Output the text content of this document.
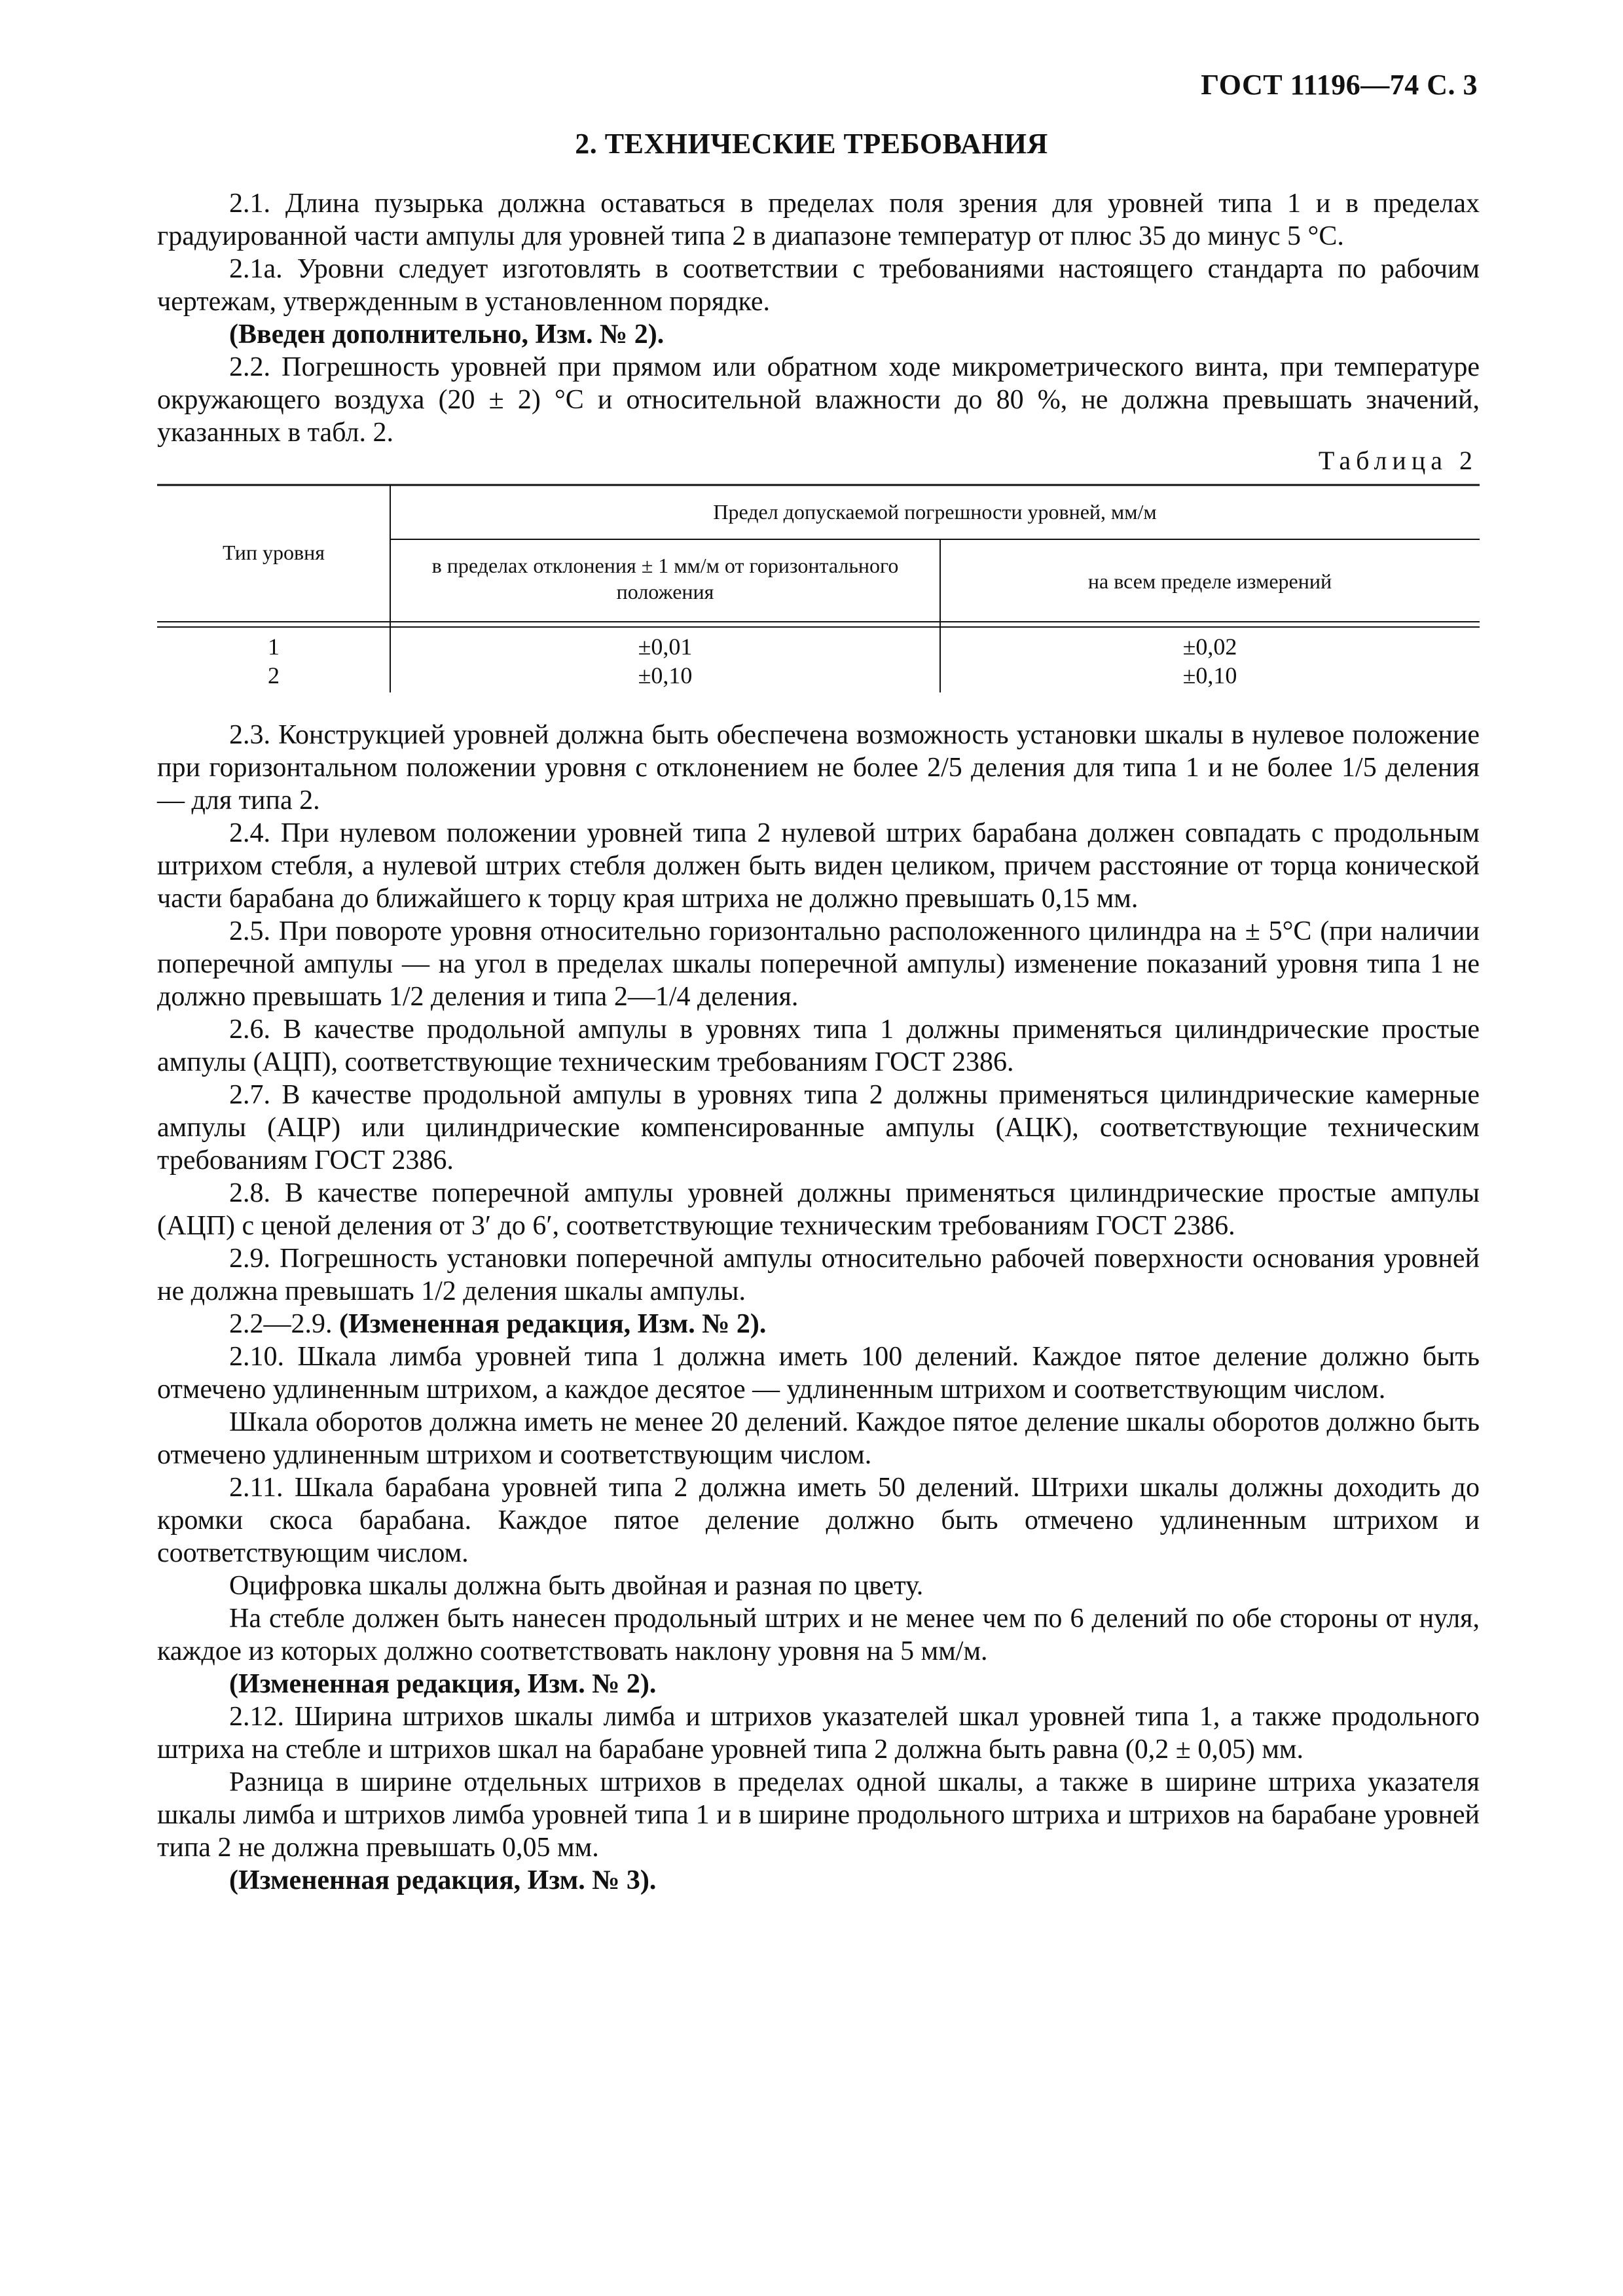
ГОСТ 11196—74 С. 3
2. ТЕХНИЧЕСКИЕ ТРЕБОВАНИЯ

2.1. Длина пузырька должна оставаться в пределах поля зрения для уровней типа 1 и в пределах градуированной части ампулы для уровней типа 2 в диапазоне температур от плюс 35 до минус 5 °С.

2.1а. Уровни следует изготовлять в соответствии с требованиями настоящего стандарта по рабочим чертежам, утвержденным в установленном порядке.

(Введен дополнительно, Изм. № 2).

2.2. Погрешность уровней при прямом или обратном ходе микрометрического винта, при температуре окружающего воздуха (20 ± 2) °С и относительной влажности до 80 %, не должна превышать значений, указанных в табл. 2.

Таблица 2
Тип уровня
Предел допускаемой погрешности уровней, мм/м
в пределах отклонения ± 1 мм/м от горизонтального положения	на всем пределе измерений
1	±0,01	±0,02
2	±0,10	±0,10

2.3. Конструкцией уровней должна быть обеспечена возможность установки шкалы в нулевое положение при горизонтальном положении уровня с отклонением не более 2/5 деления для типа 1 и не более 1/5 деления — для типа 2.

2.4. При нулевом положении уровней типа 2 нулевой штрих барабана должен совпадать с продольным штрихом стебля, а нулевой штрих стебля должен быть виден целиком, причем расстояние от торца конической части барабана до ближайшего к торцу края штриха не должно превышать 0,15 мм.

2.5. При повороте уровня относительно горизонтально расположенного цилиндра на ± 5°С (при наличии поперечной ампулы — на угол в пределах шкалы поперечной ампулы) изменение показаний уровня типа 1 не должно превышать 1/2 деления и типа 2—1/4 деления.

2.6. В качестве продольной ампулы в уровнях типа 1 должны применяться цилиндрические простые ампулы (АЦП), соответствующие техническим требованиям ГОСТ 2386.

2.7. В качестве продольной ампулы в уровнях типа 2 должны применяться цилиндрические камерные ампулы (АЦР) или цилиндрические компенсированные ампулы (АЦК), соответствующие техническим требованиям ГОСТ 2386.

2.8. В качестве поперечной ампулы уровней должны применяться цилиндрические простые ампулы (АЦП) с ценой деления от 3′ до 6′, соответствующие техническим требованиям ГОСТ 2386.

2.9. Погрешность установки поперечной ампулы относительно рабочей поверхности основания уровней не должна превышать 1/2 деления шкалы ампулы.

2.2—2.9. (Измененная редакция, Изм. № 2).

2.10. Шкала лимба уровней типа 1 должна иметь 100 делений. Каждое пятое деление должно быть отмечено удлиненным штрихом, а каждое десятое — удлиненным штрихом и соответствующим числом.

Шкала оборотов должна иметь не менее 20 делений. Каждое пятое деление шкалы оборотов должно быть отмечено удлиненным штрихом и соответствующим числом.

2.11. Шкала барабана уровней типа 2 должна иметь 50 делений. Штрихи шкалы должны доходить до кромки скоса барабана. Каждое пятое деление должно быть отмечено удлиненным штрихом и соответствующим числом.

Оцифровка шкалы должна быть двойная и разная по цвету.

На стебле должен быть нанесен продольный штрих и не менее чем по 6 делений по обе стороны от нуля, каждое из которых должно соответствовать наклону уровня на 5 мм/м.

(Измененная редакция, Изм. № 2).

2.12. Ширина штрихов шкалы лимба и штрихов указателей шкал уровней типа 1, а также продольного штриха на стебле и штрихов шкал на барабане уровней типа 2 должна быть равна (0,2 ± 0,05) мм.

Разница в ширине отдельных штрихов в пределах одной шкалы, а также в ширине штриха указателя шкалы лимба и штрихов лимба уровней типа 1 и в ширине продольного штриха и штрихов на барабане уровней типа 2 не должна превышать 0,05 мм.

(Измененная редакция, Изм. № 3).
